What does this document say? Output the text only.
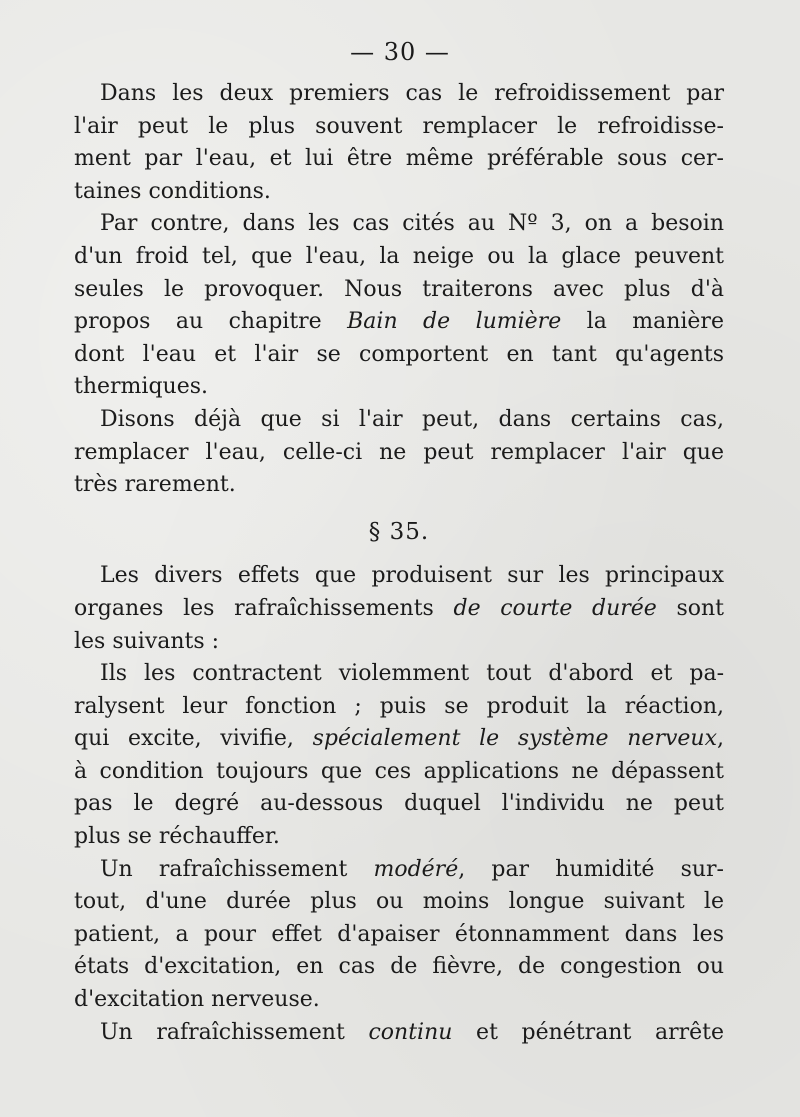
— 30 —
Dans les deux premiers cas le refroidissement par
l'air peut le plus souvent remplacer le refroidisse-
ment par l'eau, et lui être même préférable sous cer-
taines conditions.
Par contre, dans les cas cités au Nº 3, on a besoin
d'un froid tel, que l'eau, la neige ou la glace peuvent
seules le provoquer. Nous traiterons avec plus d'à
propos au chapitre Bain de lumière la manière
dont l'eau et l'air se comportent en tant qu'agents
thermiques.
Disons déjà que si l'air peut, dans certains cas,
remplacer l'eau, celle-ci ne peut remplacer l'air que
très rarement.
§ 35.
Les divers effets que produisent sur les principaux
organes les rafraîchissements de courte durée sont
les suivants :
Ils les contractent violemment tout d'abord et pa-
ralysent leur fonction ; puis se produit la réaction,
qui excite, vivifie, spécialement le système nerveux,
à condition toujours que ces applications ne dépassent
pas le degré au-dessous duquel l'individu ne peut
plus se réchauffer.
Un rafraîchissement modéré, par humidité sur-
tout, d'une durée plus ou moins longue suivant le
patient, a pour effet d'apaiser étonnamment dans les
états d'excitation, en cas de fièvre, de congestion ou
d'excitation nerveuse.
Un rafraîchissement continu et pénétrant arrête
